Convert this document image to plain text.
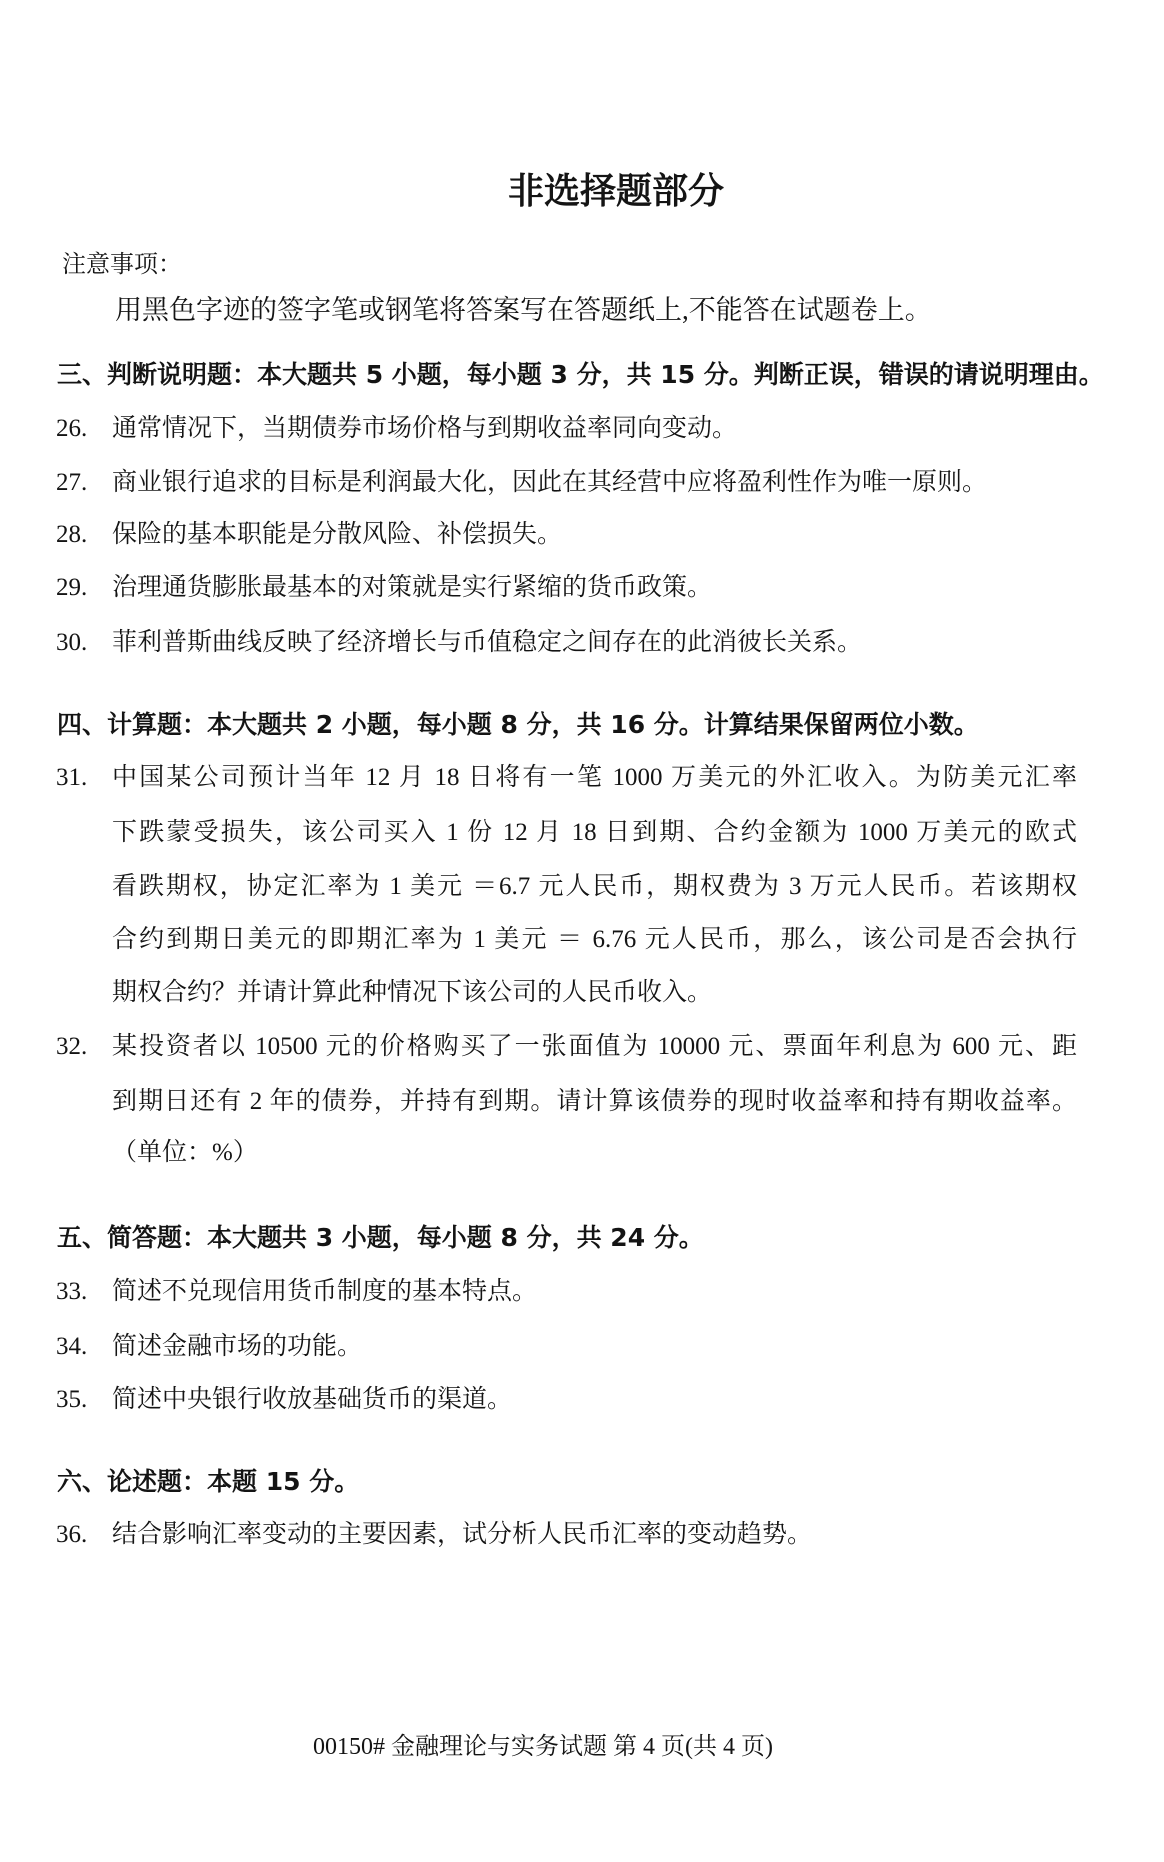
非选择题部分
注意事项：
用黑色字迹的签字笔或钢笔将答案写在答题纸上,不能答在试题卷上。
三、判断说明题：本大题共 5 小题，每小题 3 分，共 15 分。判断正误，错误的请说明理由。
26. 通常情况下，当期债券市场价格与到期收益率同向变动。
27. 商业银行追求的目标是利润最大化，因此在其经营中应将盈利性作为唯一原则。
28. 保险的基本职能是分散风险、补偿损失。
29. 治理通货膨胀最基本的对策就是实行紧缩的货币政策。
30. 菲利普斯曲线反映了经济增长与币值稳定之间存在的此消彼长关系。
四、计算题：本大题共 2 小题，每小题 8 分，共 16 分。计算结果保留两位小数。
31. 中国某公司预计当年 12 月 18 日将有一笔 1000 万美元的外汇收入。为防美元汇率
下跌蒙受损失，该公司买入 1 份 12 月 18 日到期、合约金额为 1000 万美元的欧式
看跌期权，协定汇率为 1 美元 ＝6.7 元人民币，期权费为 3 万元人民币。若该期权
合约到期日美元的即期汇率为 1 美元 ＝ 6.76 元人民币，那么，该公司是否会执行
期权合约？并请计算此种情况下该公司的人民币收入。
32. 某投资者以 10500 元的价格购买了一张面值为 10000 元、票面年利息为 600 元、距
到期日还有 2 年的债券，并持有到期。请计算该债券的现时收益率和持有期收益率。
（单位：%）
五、简答题：本大题共 3 小题，每小题 8 分，共 24 分。
33. 简述不兑现信用货币制度的基本特点。
34. 简述金融市场的功能。
35. 简述中央银行收放基础货币的渠道。
六、论述题：本题 15 分。
36. 结合影响汇率变动的主要因素，试分析人民币汇率的变动趋势。
00150# 金融理论与实务试题 第 4 页(共 4 页)
